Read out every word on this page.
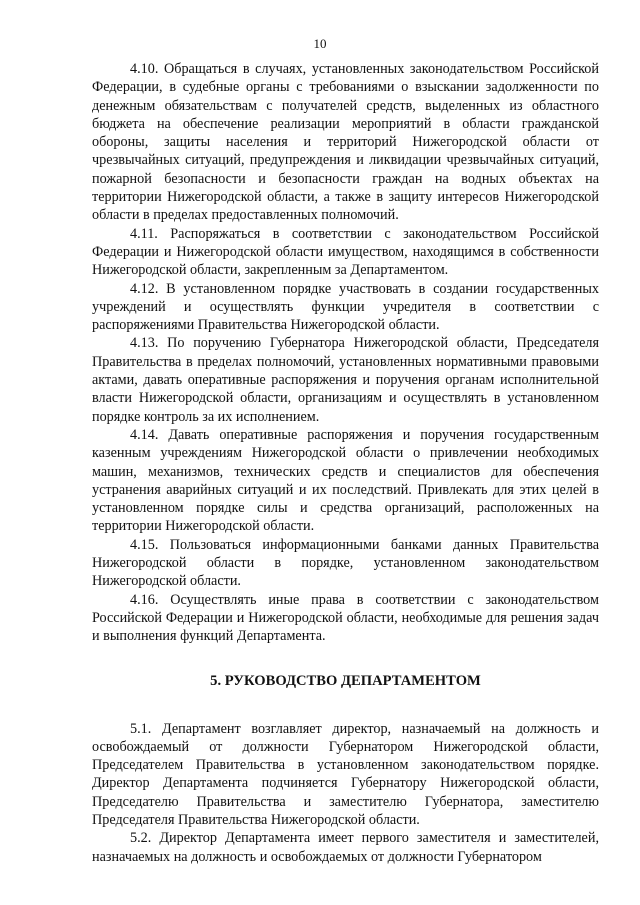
10

4.10. Обращаться в случаях, установленных законодательством Российской Федерации, в судебные органы с требованиями о взыскании задолженности по денежным обязательствам с получателей средств, выделенных из областного бюджета на обеспечение реализации мероприятий в области гражданской обороны, защиты населения и территорий Нижегородской области от чрезвычайных ситуаций, предупреждения и ликвидации чрезвычайных ситуаций, пожарной безопасности и безопасности граждан на водных объектах на территории Нижегородской области, а также в защиту интересов Нижегородской области в пределах предоставленных полномочий.

4.11. Распоряжаться в соответствии с законодательством Российской Федерации и Нижегородской области имуществом, находящимся в собственности Нижегородской области, закрепленным за Департаментом.

4.12. В установленном порядке участвовать в создании государственных учреждений и осуществлять функции учредителя в соответствии с распоряжениями Правительства Нижегородской области.

4.13. По поручению Губернатора Нижегородской области, Председателя Правительства в пределах полномочий, установленных нормативными правовыми актами, давать оперативные распоряжения и поручения органам исполнительной власти Нижегородской области, организациям и осуществлять в установленном порядке контроль за их исполнением.

4.14. Давать оперативные распоряжения и поручения государственным казенным учреждениям Нижегородской области о привлечении необходимых машин, механизмов, технических средств и специалистов для обеспечения устранения аварийных ситуаций и их последствий. Привлекать для этих целей в установленном порядке силы и средства организаций, расположенных на территории Нижегородской области.

4.15. Пользоваться информационными банками данных Правительства Нижегородской области в порядке, установленном законодательством Нижегородской области.

4.16. Осуществлять иные права в соответствии с законодательством Российской Федерации и Нижегородской области, необходимые для решения задач и выполнения функций Департамента.

5. РУКОВОДСТВО ДЕПАРТАМЕНТОМ

5.1. Департамент возглавляет директор, назначаемый на должность и освобождаемый от должности Губернатором Нижегородской области, Председателем Правительства в установленном законодательством порядке. Директор Департамента подчиняется Губернатору Нижегородской области, Председателю Правительства и заместителю Губернатора, заместителю Председателя Правительства Нижегородской области.

5.2. Директор Департамента имеет первого заместителя и заместителей, назначаемых на должность и освобождаемых от должности Губернатором
